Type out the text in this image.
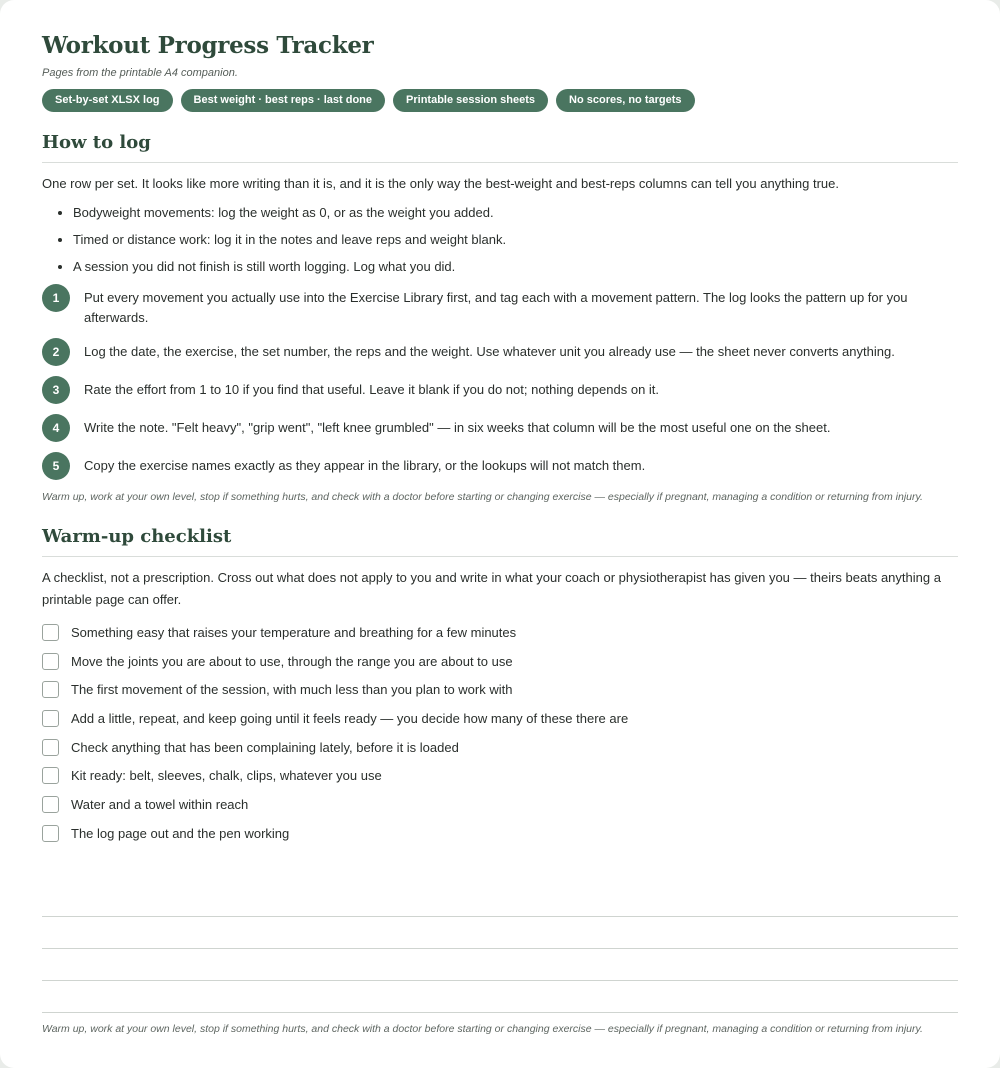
Workout Progress Tracker

Pages from the printable A4 companion.

Set-by-set XLSX log	Best weight · best reps · last done	Printable session sheets	No scores, no targets
How to log

One row per set. It looks like more writing than it is, and it is the only way the best-weight and best-reps columns can tell you anything true.

• Bodyweight movements: log the weight as 0, or as the weight you added.
• Timed or distance work: log it in the notes and leave reps and weight blank.
• A session you did not finish is still worth logging. Log what you did.
1	Put every movement you actually use into the Exercise Library first, and tag each with a movement pattern. The log looks the pattern up for you afterwards.
2	Log the date, the exercise, the set number, the reps and the weight. Use whatever unit you already use — the sheet never converts anything.
3	Rate the effort from 1 to 10 if you find that useful. Leave it blank if you do not; nothing depends on it.
4	Write the note. "Felt heavy", "grip went", "left knee grumbled" — in six weeks that column will be the most useful one on the sheet.
5	Copy the exercise names exactly as they appear in the library, or the lookups will not match them.

Warm up, work at your own level, stop if something hurts, and check with a doctor before starting or changing exercise — especially if pregnant, managing a condition or returning from injury.

Warm-up checklist

A checklist, not a prescription. Cross out what does not apply to you and write in what your coach or physiotherapist has given you — theirs beats anything a printable page can offer.

Something easy that raises your temperature and breathing for a few minutes
Move the joints you are about to use, through the range you are about to use
The first movement of the session, with much less than you plan to work with
Add a little, repeat, and keep going until it feels ready — you decide how many of these there are
Check anything that has been complaining lately, before it is loaded
Kit ready: belt, sleeves, chalk, clips, whatever you use
Water and a towel within reach
The log page out and the pen working

Warm up, work at your own level, stop if something hurts, and check with a doctor before starting or changing exercise — especially if pregnant, managing a condition or returning from injury.
